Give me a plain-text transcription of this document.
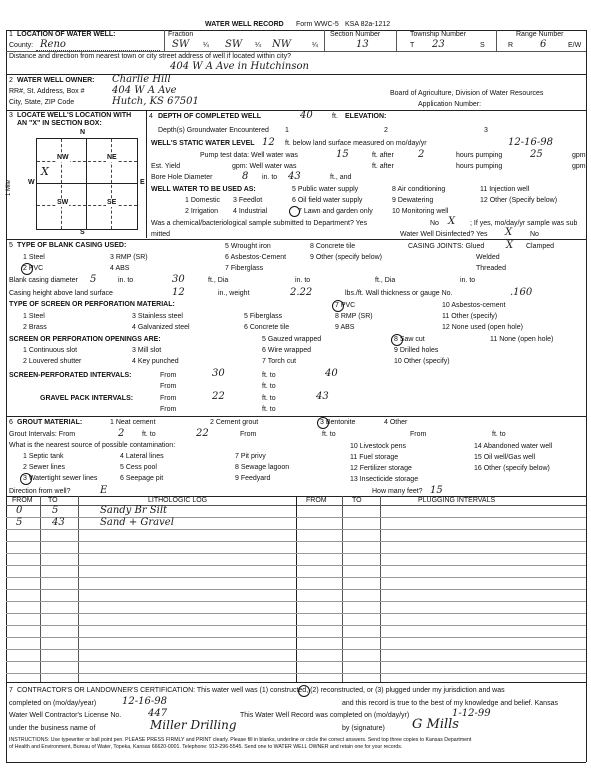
WATER WELL RECORD Form WWC-5 KSA 82a-1212
1 LOCATION OF WATER WELL:	Fraction	Section Number	Township Number	Range Number
County: Reno	SW ¼ SW ¼ NW	¼	13	T 23	S	R	6	E/W
Distance and direction from nearest town or city street address of well if located within city?
404 W A Ave in Hutchinson
2 WATER WELL OWNER: Charlie Hill
RR#, St. Address, Box #	404 W A Ave
City, State, ZIP Code	Hutch, KS 67501
Board of Agriculture, Division of Water Resources
Application Number:
3 LOCATE WELL'S LOCATION WITH
AN "X" IN SECTION BOX:
N
S
W	E
1 Mile
NW	NE
SW	SE
X
4 DEPTH OF COMPLETED WELL	40	ft. ELEVATION:
Depth(s) Groundwater Encountered 1	2	3
WELL'S STATIC WATER LEVEL 12 ft. below land surface measured on mo/day/yr	12-16-98
Pump test data: Well water was	15	ft. after 2	hours pumping	25	gpm
Est. Yield	gpm: Well water was	ft. after	hours pumping	gpm
Bore Hole Diameter	8 in. to 43	ft., and
WELL WATER TO BE USED AS:
1 Domestic
2 Irrigation
3 Feedlot
4 Industrial
5 Public water supply
6 Oil field water supply
7 Lawn and garden only
8 Air conditioning
9 Dewatering
10 Monitoring well
11 Injection well
12 Other (Specify below)
Was a chemical/bacteriological sample submitted to Department? Yes	No X ; If yes, mo/day/yr sample was sub
mitted	Water Well Disinfected? Yes X	No
5 TYPE OF BLANK CASING USED:
1 Steel
2 PVC
3 RMP (SR)
4 ABS
5 Wrought iron
6 Asbestos-Cement
7 Fiberglass
8 Concrete tile
9 Other (specify below)
CASING JOINTS: Glued X Clamped
Welded
Threaded
Blank casing diameter 5	in. to	30	ft., Dia	in. to	ft., Dia	in. to
Casing height above land surface	12	in., weight	2.22	lbs./ft. Wall thickness or gauge No.	.160
TYPE OF SCREEN OR PERFORATION MATERIAL:
1 Steel
2 Brass
3 Stainless steel
4 Galvanized steel
5 Fiberglass
6 Concrete tile
7 PVC
8 RMP (SR)
9 ABS
10 Asbestos-cement
11 Other (specify)
12 None used (open hole)
SCREEN OR PERFORATION OPENINGS ARE:
1 Continuous slot
2 Louvered shutter
3 Mill slot
4 Key punched
5 Gauzed wrapped
6 Wire wrapped
7 Torch cut
8 Saw cut
9 Drilled holes
10 Other (specify)
11 None (open hole)
SCREEN-PERFORATED INTERVALS:	From	30	ft. to	40
From	ft. to
GRAVEL PACK INTERVALS:	From	22	ft. to	43
From	ft. to
6 GROUT MATERIAL:	1 Neat cement	2 Cement grout	3 Bentonite	4 Other
Grout Intervals: From	2	ft. to	22	From	ft. to	From	ft. to
What is the nearest source of possible contamination:
1 Septic tank
2 Sewer lines
3 Watertight sewer lines
4 Lateral lines
5 Cess pool
6 Seepage pit
7 Pit privy
8 Sewage lagoon
9 Feedyard
10 Livestock pens
11 Fuel storage
12 Fertilizer storage
13 Insecticide storage
14 Abandoned water well
15 Oil well/Gas well
16 Other (specify below)
Direction from well?	E	How many feet? 15
FROM TO	LITHOLOGIC LOG	FROM	TO	PLUGGING INTERVALS
0	5	Sandy Br Silt
5	43	Sand + Gravel
7 CONTRACTOR'S OR LANDOWNER'S CERTIFICATION: This water well was (1) constructed, (2) reconstructed, or (3) plugged under my jurisdiction and was
completed on (mo/day/year)	12-16-98	and this record is true to the best of my knowledge and belief. Kansas
Water Well Contractor's License No.	447	This Water Well Record was completed on (mo/day/yr)	1-12-99
under the business name of	Miller Drilling	by (signature) G Mills
INSTRUCTIONS: Use typewriter or ball point pen. PLEASE PRESS FIRMLY and PRINT clearly. Please fill in blanks, underline or circle the correct answers. Send top three copies to Kansas Department
of Health and Environment, Bureau of Water, Topeka, Kansas 66620-0001. Telephone: 913-296-5545. Send one to WATER WELL OWNER and retain one for your records.
